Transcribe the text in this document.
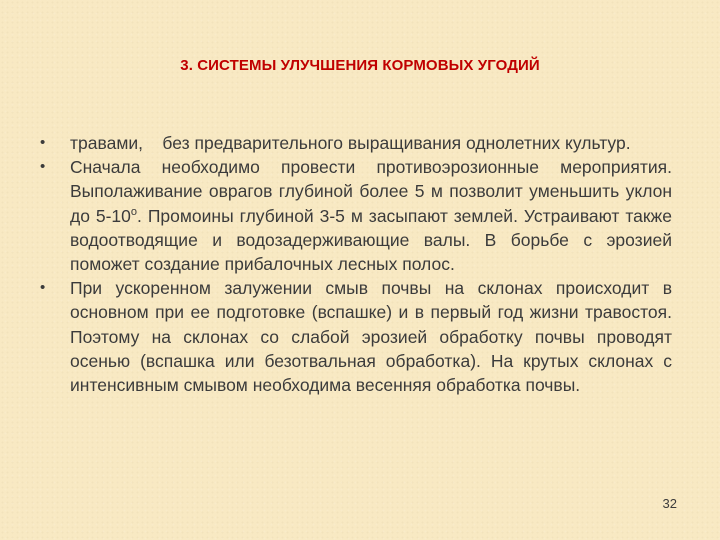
3. СИСТЕМЫ УЛУЧШЕНИЯ КОРМОВЫХ УГОДИЙ
•	травами,    без предварительного выращивания однолетних культур.
•	Сначала необходимо провести противоэрозионные мероприятия. Выполаживание оврагов глубиной более 5 м позволит уменьшить уклон до $5-10^о$. Промоины глубиной 3-5 м засыпают землей. Устраивают также водоотводящие и водозадерживающие валы. В борьбе с эрозией поможет создание прибалочных лесных полос.
•	При ускоренном залужении смыв почвы на склонах происходит в основном при ее подготовке (вспашке) и в первый год жизни травостоя. Поэтому на склонах со слабой эрозией обработку почвы проводят осенью (вспашка или безотвальная обработка). На крутых склонах с интенсивным смывом необходима весенняя обработка почвы.
32
